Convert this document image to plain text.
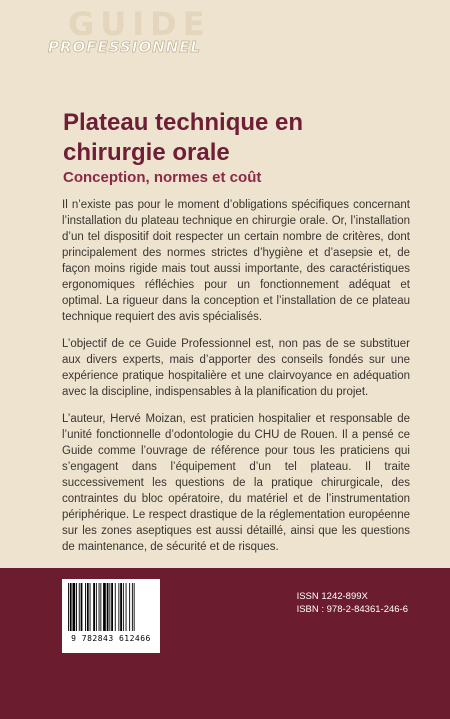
GUIDE
PROFESSIONNEL
Plateau technique en chirurgie orale
Conception, normes et coût

Il n’existe pas pour le moment d’obligations spécifiques concernant l’installation du plateau technique en chirurgie orale. Or, l’installation d’un tel dispositif doit respecter un certain nombre de critères, dont principalement des normes strictes d’hygiène et d’asepsie et, de façon moins rigide mais tout aussi importante, des caractéristiques ergonomiques réfléchies pour un fonctionnement adéquat et optimal. La rigueur dans la conception et l’installation de ce plateau technique requiert des avis spécialisés.

L’objectif de ce Guide Professionnel est, non pas de se substituer aux divers experts, mais d’apporter des conseils fondés sur une expérience pratique hospitalière et une clairvoyance en adéquation avec la discipline, indispensables à la planification du projet.

L’auteur, Hervé Moizan, est praticien hospitalier et responsable de l’unité fonctionnelle d’odontologie du CHU de Rouen. Il a pensé ce Guide comme l’ouvrage de référence pour tous les praticiens qui s’engagent dans l’équipement d’un tel plateau. Il traite successivement les questions de la pratique chirurgicale, des contraintes du bloc opératoire, du matériel et de l’instrumentation périphérique. Le respect drastique de la réglementation européenne sur les zones aseptiques est aussi détaillé, ainsi que les questions de maintenance, de sécurité et de risques.

9 782843 612466
ISSN 1242-899X
ISBN : 978-2-84361-246-6
